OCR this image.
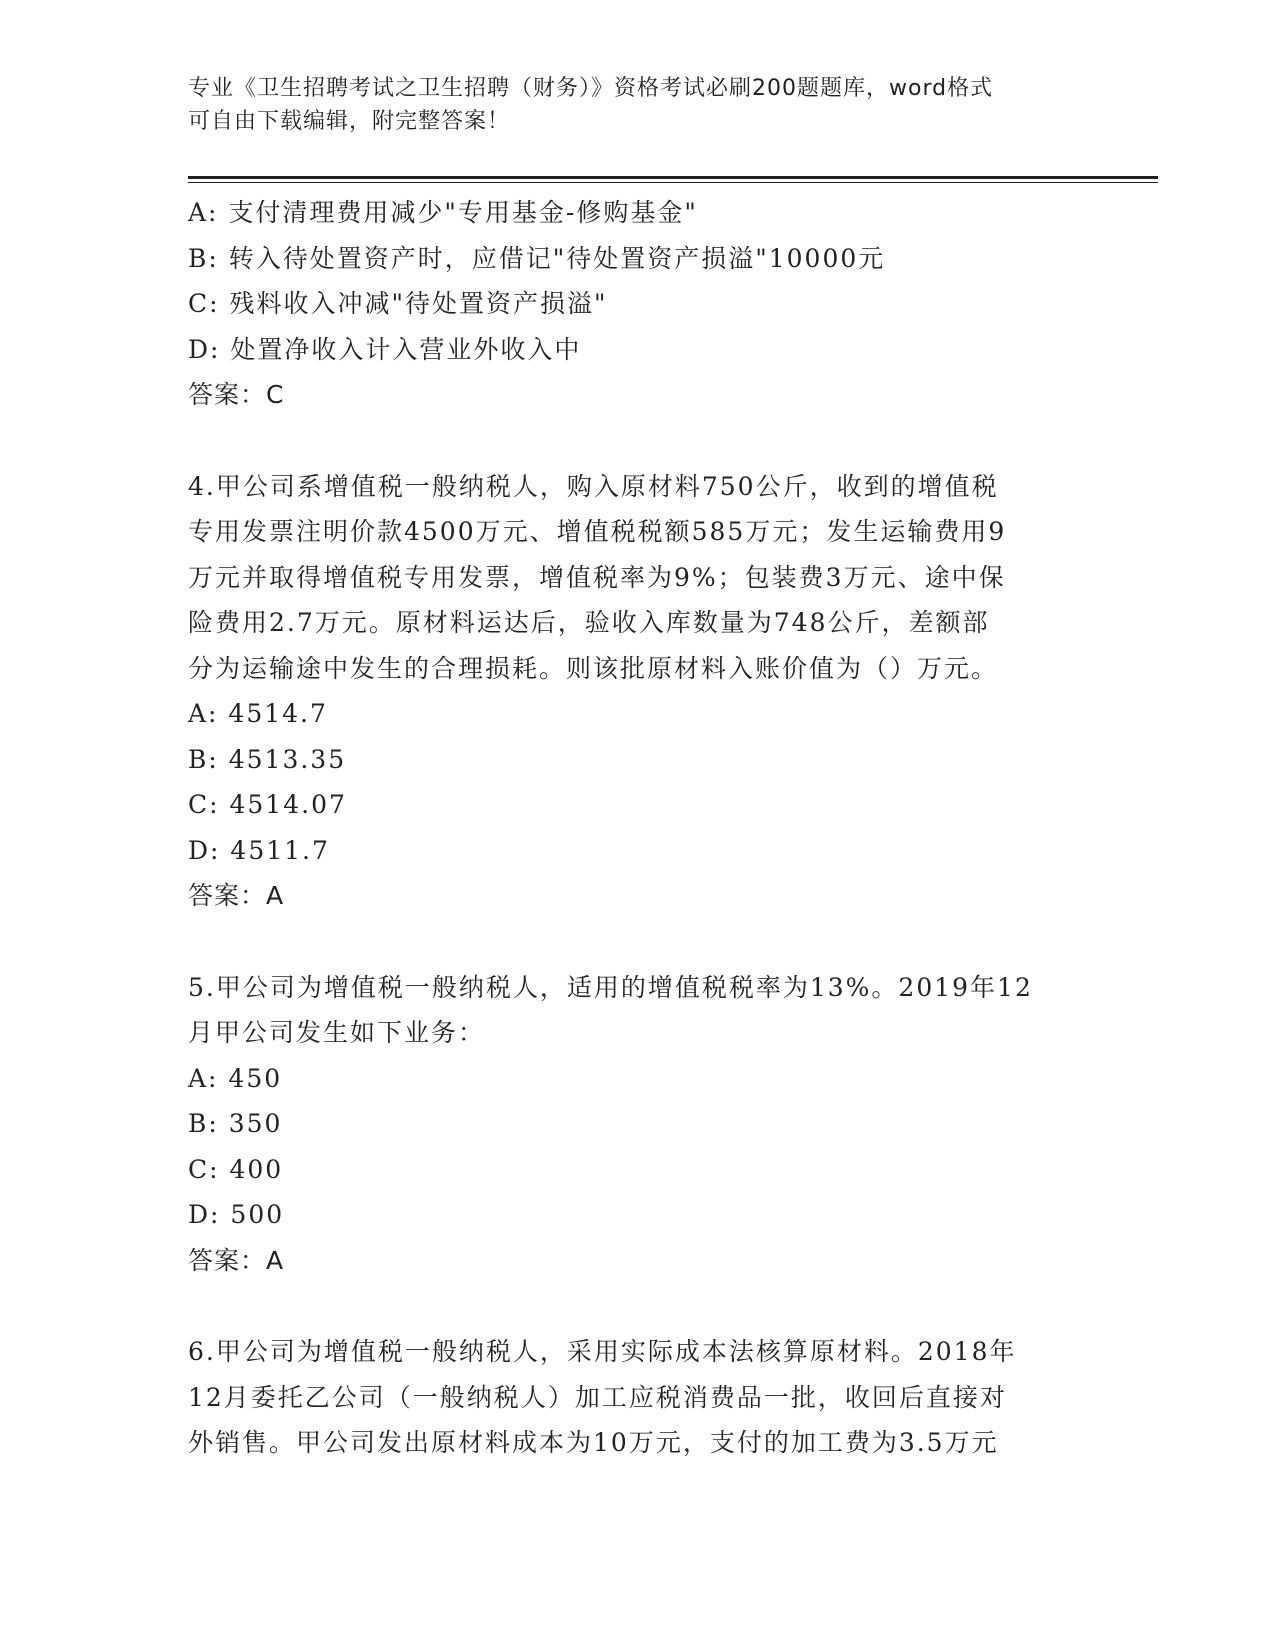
专业《卫生招聘考试之卫生招聘（财务）》资格考试必刷200题题库，word格式
可自由下载编辑，附完整答案！
A: 支付清理费用减少"专用基金-修购基金"
B: 转入待处置资产时，应借记"待处置资产损溢"10000元
C: 残料收入冲减"待处置资产损溢"
D: 处置净收入计入营业外收入中
答案：C
4.甲公司系增值税一般纳税人，购入原材料750公斤，收到的增值税
专用发票注明价款4500万元、增值税税额585万元；发生运输费用9
万元并取得增值税专用发票，增值税率为9%；包装费3万元、途中保
险费用2.7万元。原材料运达后，验收入库数量为748公斤，差额部
分为运输途中发生的合理损耗。则该批原材料入账价值为（）万元。
A: 4514.7
B: 4513.35
C: 4514.07
D: 4511.7
答案：A
5.甲公司为增值税一般纳税人，适用的增值税税率为13%。2019年12
月甲公司发生如下业务：
A: 450
B: 350
C: 400
D: 500
答案：A
6.甲公司为增值税一般纳税人，采用实际成本法核算原材料。2018年
12月委托乙公司（一般纳税人）加工应税消费品一批，收回后直接对
外销售。甲公司发出原材料成本为10万元，支付的加工费为3.5万元
